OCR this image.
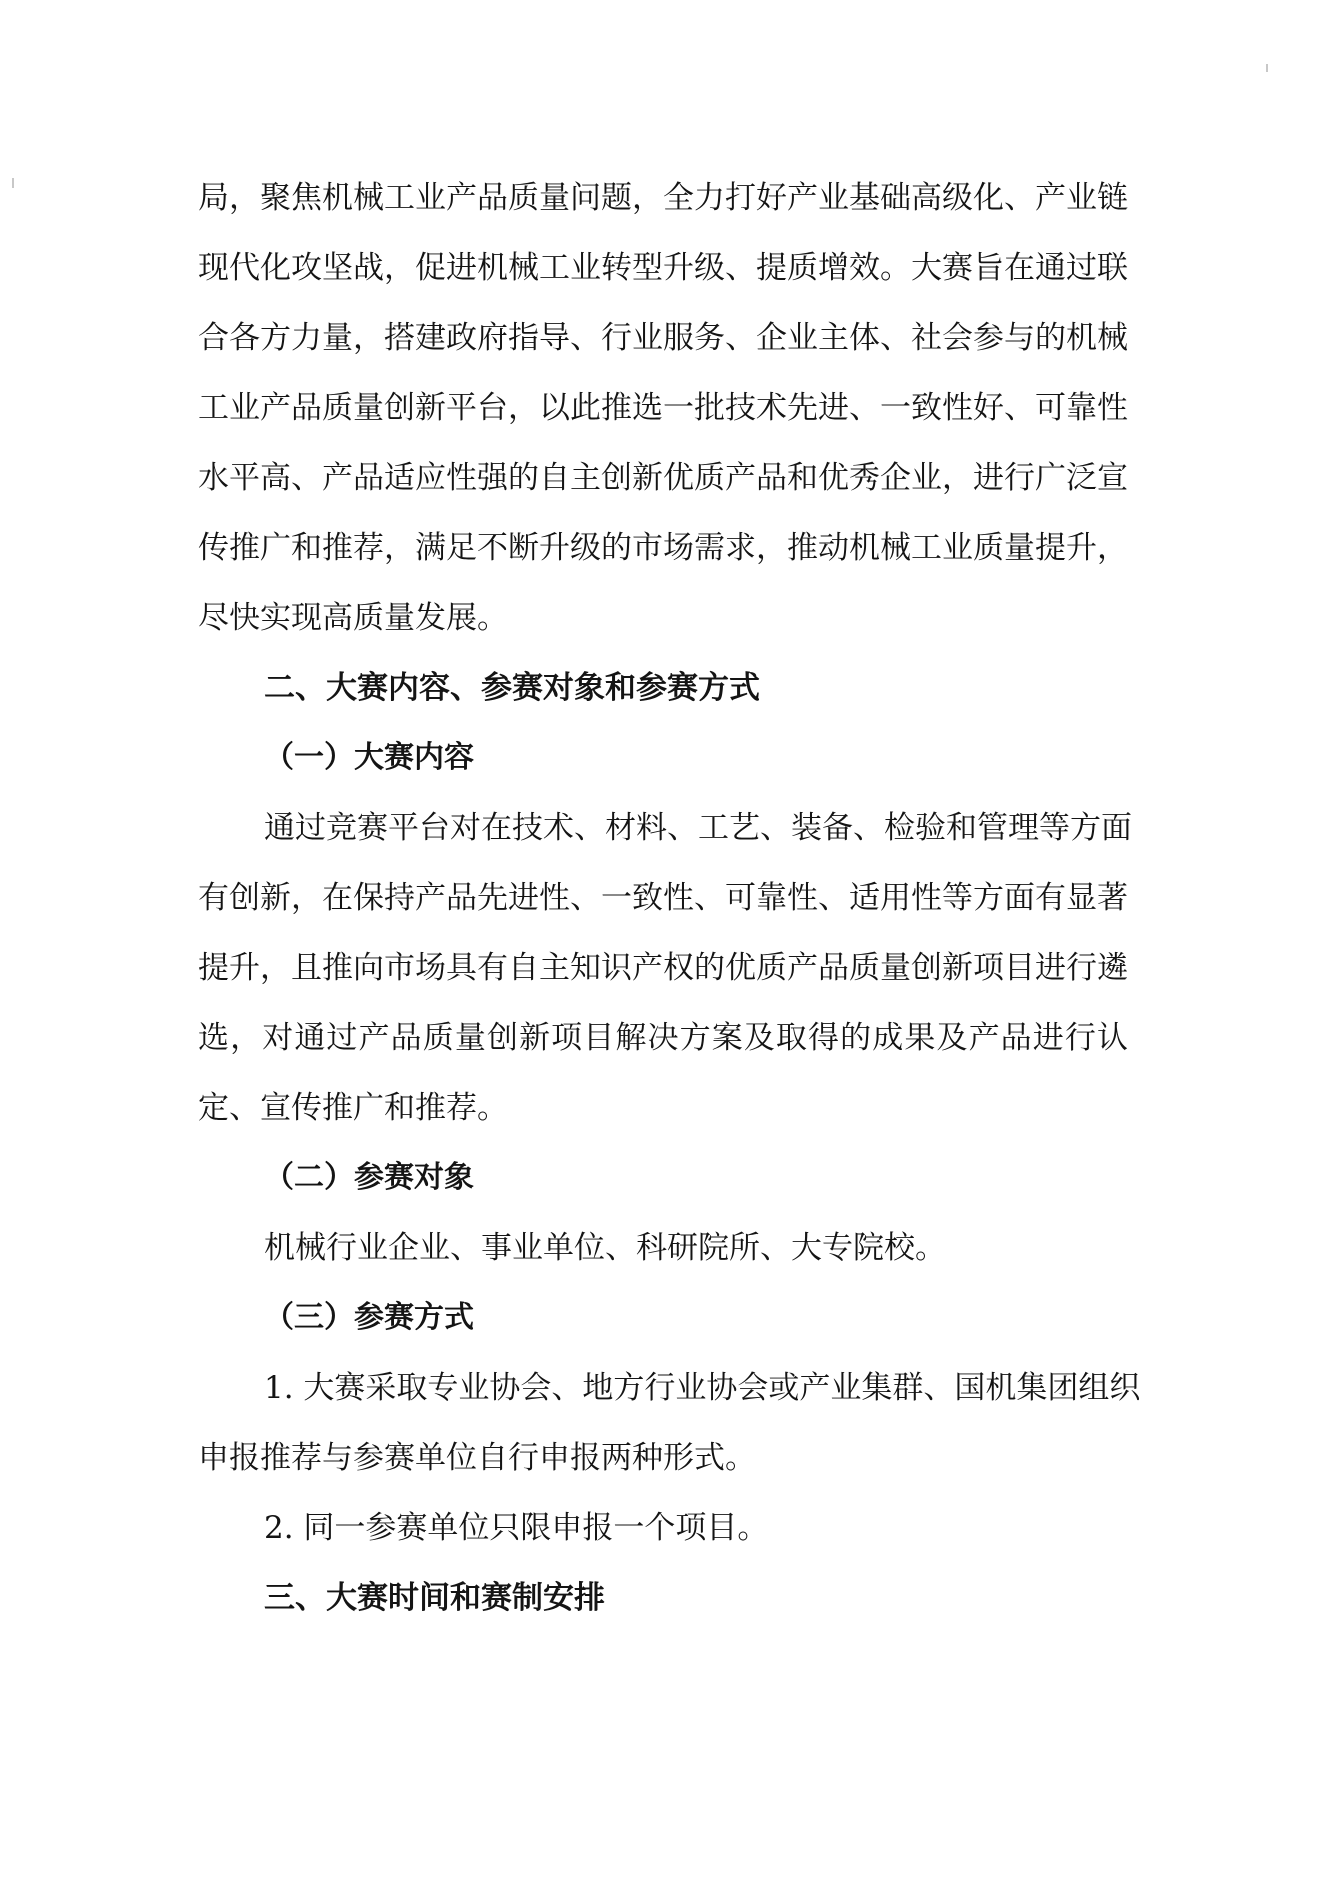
局，聚焦机械工业产品质量问题，全力打好产业基础高级化、产业链
现代化攻坚战，促进机械工业转型升级、提质增效。大赛旨在通过联
合各方力量，搭建政府指导、行业服务、企业主体、社会参与的机械
工业产品质量创新平台，以此推选一批技术先进、一致性好、可靠性
水平高、产品适应性强的自主创新优质产品和优秀企业，进行广泛宣
传推广和推荐，满足不断升级的市场需求，推动机械工业质量提升，
尽快实现高质量发展。
二、大赛内容、参赛对象和参赛方式
（一）大赛内容
通过竞赛平台对在技术、材料、工艺、装备、检验和管理等方面
有创新，在保持产品先进性、一致性、可靠性、适用性等方面有显著
提升，且推向市场具有自主知识产权的优质产品质量创新项目进行遴
选，对通过产品质量创新项目解决方案及取得的成果及产品进行认
定、宣传推广和推荐。
（二）参赛对象
机械行业企业、事业单位、科研院所、大专院校。
（三）参赛方式
1. 大赛采取专业协会、地方行业协会或产业集群、国机集团组织
申报推荐与参赛单位自行申报两种形式。
2. 同一参赛单位只限申报一个项目。
三、大赛时间和赛制安排
